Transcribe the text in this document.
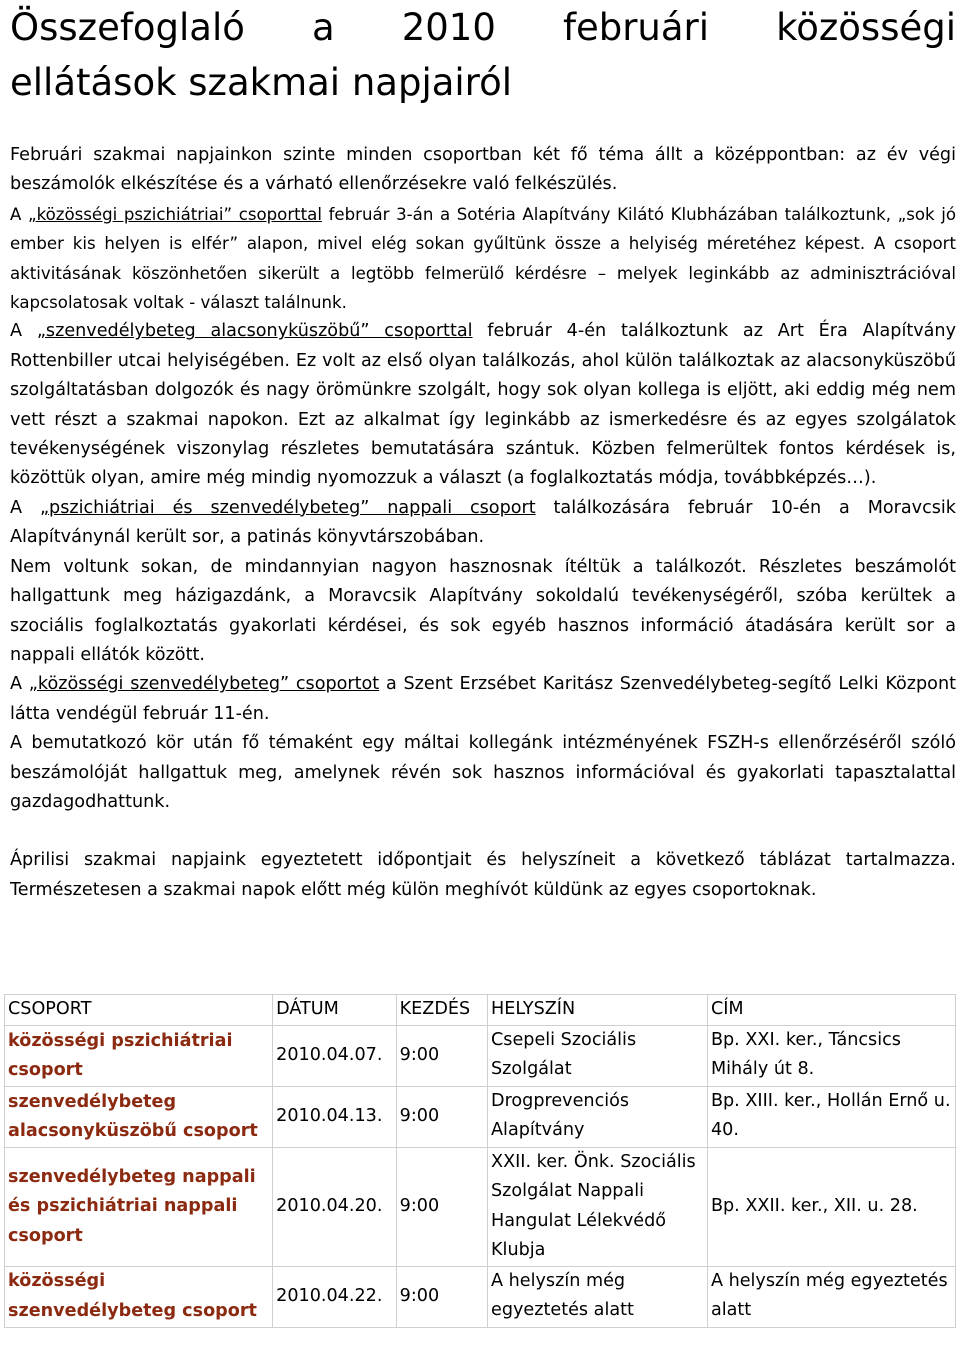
Összefoglaló a 2010 februári közösségi
ellátások szakmai napjairól

Februári szakmai napjainkon szinte minden csoportban két fő téma állt a középpontban: az év végi beszámolók elkészítése és a várható ellenőrzésekre való felkészülés.

A „közösségi pszichiátriai” csoporttal február 3-án a Sotéria Alapítvány Kilátó Klubházában találkoztunk, „sok jó ember kis helyen is elfér” alapon, mivel elég sokan gyűltünk össze a helyiség méretéhez képest. A csoport aktivitásának köszönhetően sikerült a legtöbb felmerülő kérdésre – melyek leginkább az adminisztrációval kapcsolatosak voltak - választ találnunk.

A „szenvedélybeteg alacsonyküszöbű” csoporttal február 4-én találkoztunk az Art Éra Alapítvány Rottenbiller utcai helyiségében. Ez volt az első olyan találkozás, ahol külön találkoztak az alacsonyküszöbű szolgáltatásban dolgozók és nagy örömünkre szolgált, hogy sok olyan kollega is eljött, aki eddig még nem vett részt a szakmai napokon. Ezt az alkalmat így leginkább az ismerkedésre és az egyes szolgálatok tevékenységének viszonylag részletes bemutatására szántuk. Közben felmerültek fontos kérdések is, közöttük olyan, amire még mindig nyomozzuk a választ (a foglalkoztatás módja, továbbképzés…).

A „pszichiátriai és szenvedélybeteg” nappali csoport találkozására február 10-én a Moravcsik Alapítványnál került sor, a patinás könyvtárszobában.

Nem voltunk sokan, de mindannyian nagyon hasznosnak ítéltük a találkozót. Részletes beszámolót hallgattunk meg házigazdánk, a Moravcsik Alapítvány sokoldalú tevékenységéről, szóba kerültek a szociális foglalkoztatás gyakorlati kérdései, és sok egyéb hasznos információ átadására került sor a nappali ellátók között.

A „közösségi szenvedélybeteg” csoportot a Szent Erzsébet Karitász Szenvedélybeteg-segítő Lelki Központ látta vendégül február 11-én.

A bemutatkozó kör után fő témaként egy máltai kollegánk intézményének FSZH-s ellenőrzéséről szóló beszámolóját hallgattuk meg, amelynek révén sok hasznos információval és gyakorlati tapasztalattal gazdagodhattunk.

Áprilisi szakmai napjaink egyeztetett időpontjait és helyszíneit a következő táblázat tartalmazza. Természetesen a szakmai napok előtt még külön meghívót küldünk az egyes csoportoknak.

CSOPORT	DÁTUM	KEZDÉS	HELYSZÍN	CÍM
közösségi pszichiátriai csoport	2010.04.07.	9:00	Csepeli Szociális Szolgálat	Bp. XXI. ker., Táncsics Mihály út 8.
szenvedélybeteg alacsonyküszöbű csoport	2010.04.13.	9:00	Drogprevenciós Alapítvány	Bp. XIII. ker., Hollán Ernő u. 40.
szenvedélybeteg nappali és pszichiátriai nappali csoport	2010.04.20.	9:00	XXII. ker. Önk. Szociális Szolgálat Nappali Hangulat Lélekvédő Klubja	Bp. XXII. ker., XII. u. 28.
közösségi szenvedélybeteg csoport	2010.04.22.	9:00	A helyszín még egyeztetés alatt	A helyszín még egyeztetés alatt
